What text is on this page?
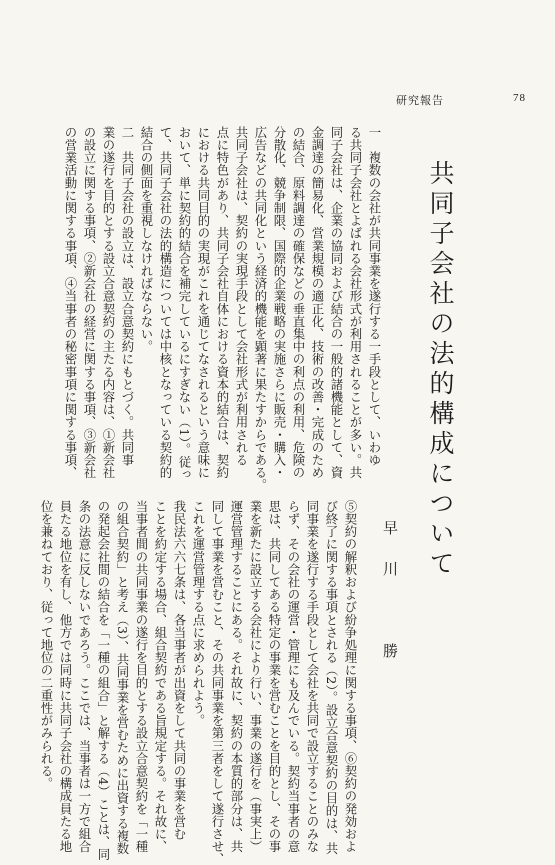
研究報告	78
共同子会社の法的構成について
早川　勝
一　複数の会社が共同事業を遂行する一手段として、いわゆ
る共同子会社とよばれる会社形式が利用されることが多い。共
同子会社は、企業の協同および結合の一般的諸機能として、資
金調達の簡易化、営業規模の適正化、技術の改善・完成のため
の結合、原料調達の確保などの垂直集中の利点の利用、危険の
分散化、競争制限、国際的企業戦略の実施さらに販売・購入・
広告などの共同化という経済的機能を顕著に果たすからである。
共同子会社は、契約の実現手段として会社形式が利用される
点に特色があり、共同子会社自体における資本的結合は、契約
における共同目的の実現がこれを通じてなされるという意味に
おいて、単に契約的結合を補完しているにすぎない（1）。従っ
て、共同子会社の法的構造については中核となっている契約的
結合の側面を重視しなければならない。
二　共同子会社の設立は、設立合意契約にもとづく。共同事
業の遂行を目的とする設立合意契約の主たる内容は、①新会社
の設立に関する事項、②新会社の経営に関する事項、③新会社
の営業活動に関する事項、④当事者の秘密事項に関する事項、
⑤契約の解釈および紛争処理に関する事項、⑥契約の発効およ
び終了に関する事項とされる（2）。設立合意契約の目的は、共
同事業を遂行する手段として会社を共同で設立することのみな
らず、その会社の運営・管理にも及んでいる。契約当事者の意
思は、共同してある特定の事業を営むことを目的とし、その事
業を新たに設立する会社により行い、事業の遂行を（事実上）
運営管理することにある。それ故に、契約の本質的部分は、共
同して事業を営むこと、その共同事業を第三者をして遂行させ、
これを運営管理する点に求められよう。
我民法六六七条は、各当事者が出資をして共同の事業を営む
ことを約定する場合、組合契約である旨規定する。それ故に、
当事者間の共同事業の遂行を目的とする設立合意契約を「一種
の組合契約」と考え（3）、共同事業を営むために出資する複数
の発起会社間の結合を「一種の組合」と解する（4）ことは、同
条の法意に反しないであろう。ここでは、当事者は一方で組合
員たる地位を有し、他方では同時に共同子会社の構成員たる地
位を兼ねており、従って地位の二重性がみられる。
